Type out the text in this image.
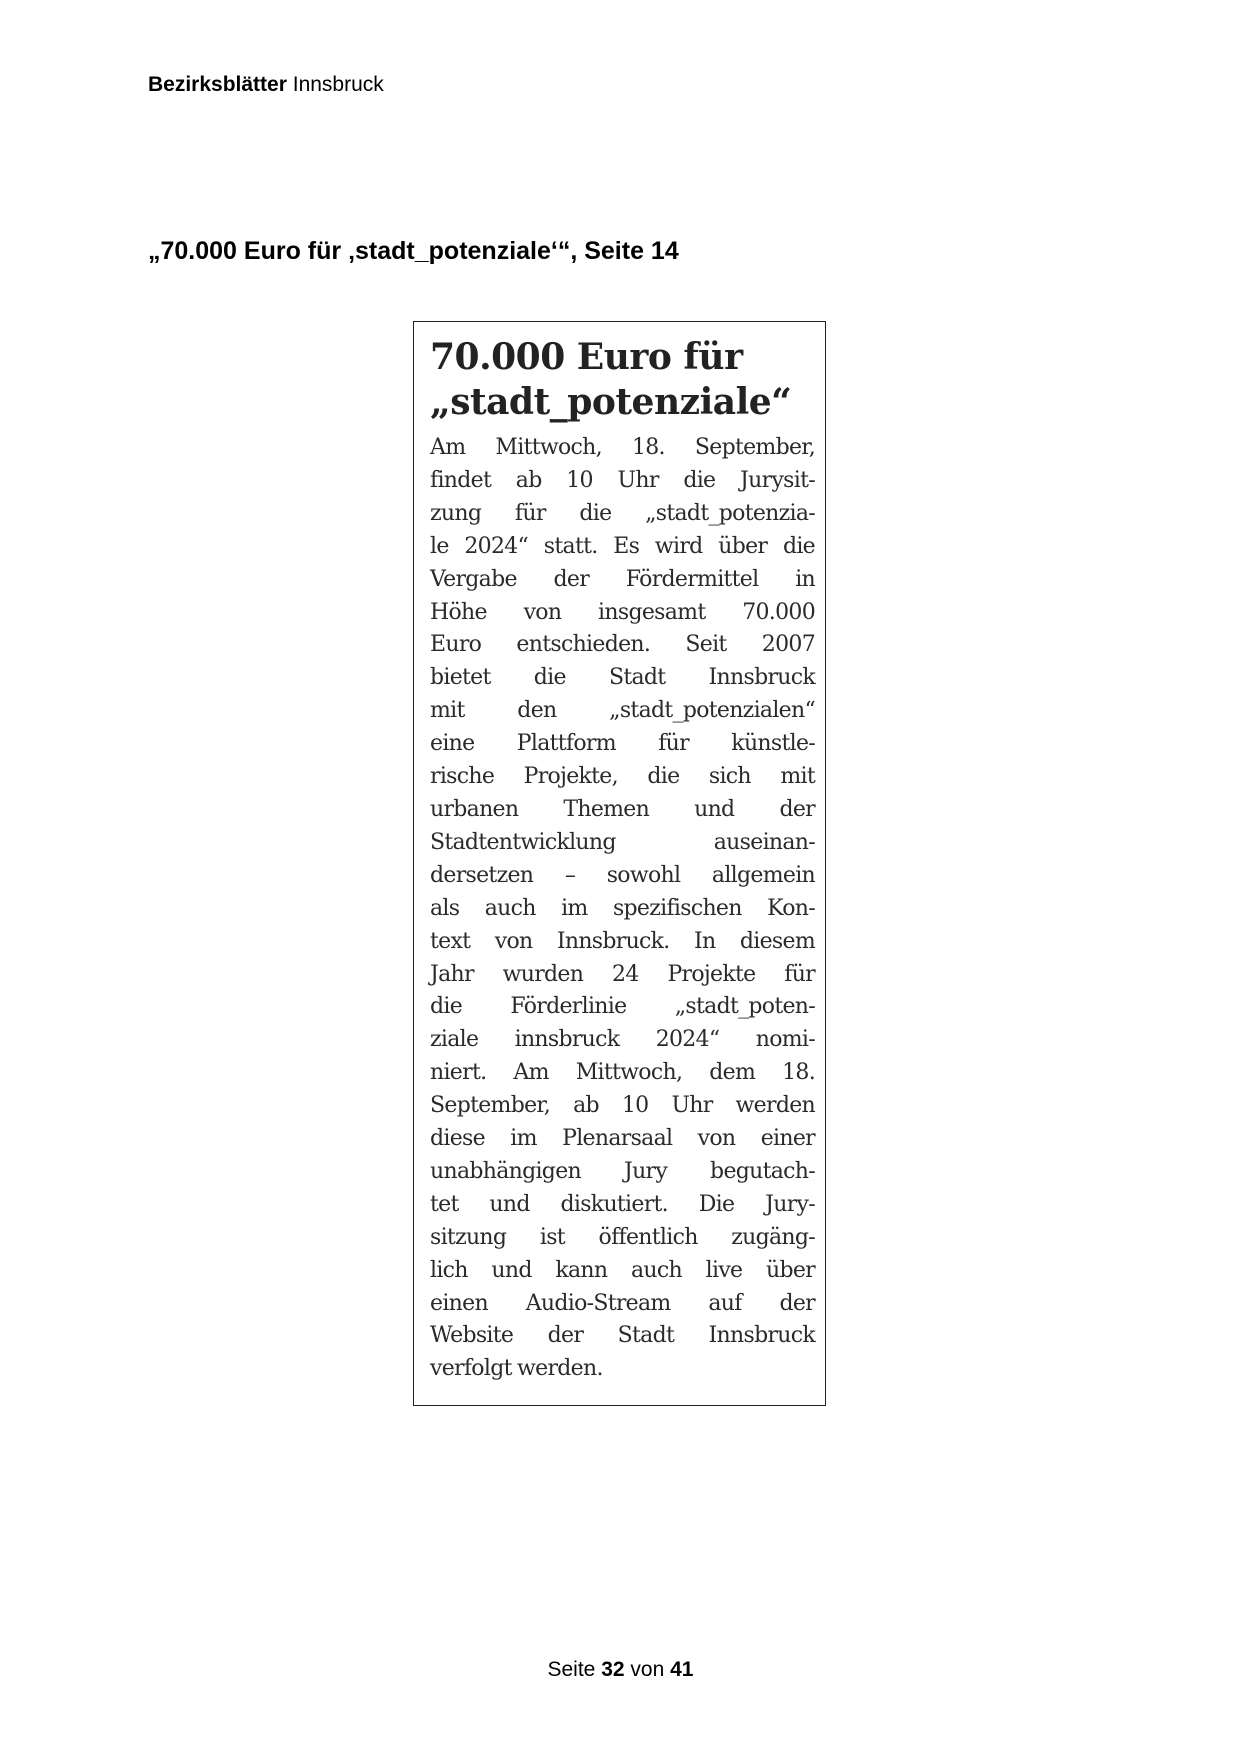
Bezirksblätter Innsbruck
„70.000 Euro für ‚stadt_potenziale‘“, Seite 14
70.000 Euro für
„stadt_potenziale“
Am Mittwoch, 18. September,
findet ab 10 Uhr die Jurysit-
zung für die „stadt_potenzia-
le 2024“ statt. Es wird über die
Vergabe der Fördermittel in
Höhe von insgesamt 70.000
Euro entschieden. Seit 2007
bietet die Stadt Innsbruck
mit den „stadt_potenzialen“
eine Plattform für künstle-
rische Projekte, die sich mit
urbanen Themen und der
Stadtentwicklung auseinan-
dersetzen – sowohl allgemein
als auch im spezifischen Kon-
text von Innsbruck. In diesem
Jahr wurden 24 Projekte für
die Förderlinie „stadt_poten-
ziale innsbruck 2024“ nomi-
niert. Am Mittwoch, dem 18.
September, ab 10 Uhr werden
diese im Plenarsaal von einer
unabhängigen Jury begutach-
tet und diskutiert. Die Jury-
sitzung ist öffentlich zugäng-
lich und kann auch live über
einen Audio-Stream auf der
Website der Stadt Innsbruck
verfolgt werden.
Seite 32 von 41
